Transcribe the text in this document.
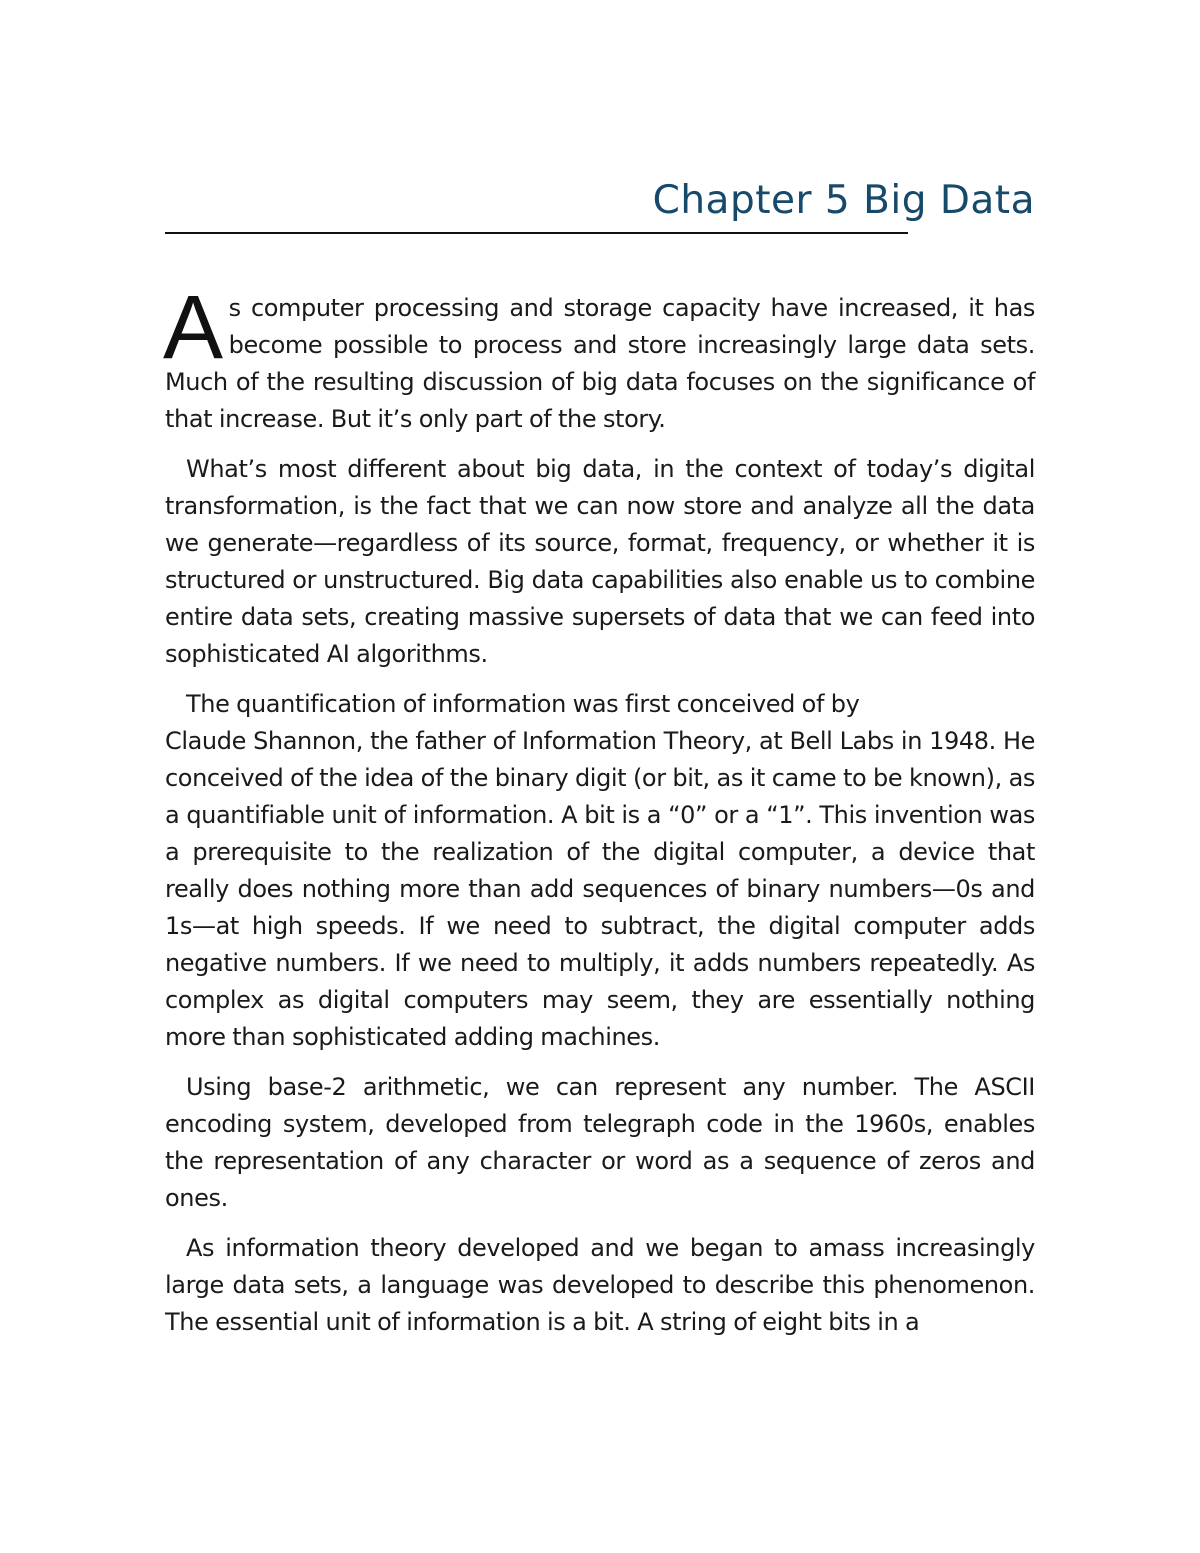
Chapter 5 Big Data

As computer processing and storage capacity have increased, it has become possible to process and store increasingly large data sets. Much of the resulting discussion of big data focuses on the significance of that increase. But it’s only part of the story.

What’s most different about big data, in the context of today’s digital transformation, is the fact that we can now store and analyze all the data we generate—regardless of its source, format, frequency, or whether it is structured or unstructured. Big data capabilities also enable us to combine entire data sets, creating massive supersets of data that we can feed into sophisticated AI algorithms.

The quantification of information was first conceived of by
Claude Shannon, the father of Information Theory, at Bell Labs in 1948. He conceived of the idea of the binary digit (or bit, as it came to be known), as a quantifiable unit of information. A bit is a “0” or a “1”. This invention was a prerequisite to the realization of the digital computer, a device that really does nothing more than add sequences of binary numbers—0s and 1s—at high speeds. If we need to subtract, the digital computer adds negative numbers. If we need to multiply, it adds numbers repeatedly. As complex as digital computers may seem, they are essentially nothing more than sophisticated adding machines.

Using base-2 arithmetic, we can represent any number. The ASCII encoding system, developed from telegraph code in the 1960s, enables the representation of any character or word as a sequence of zeros and ones.

As information theory developed and we began to amass increasingly large data sets, a language was developed to describe this phenomenon. The essential unit of information is a bit. A string of eight bits in a
